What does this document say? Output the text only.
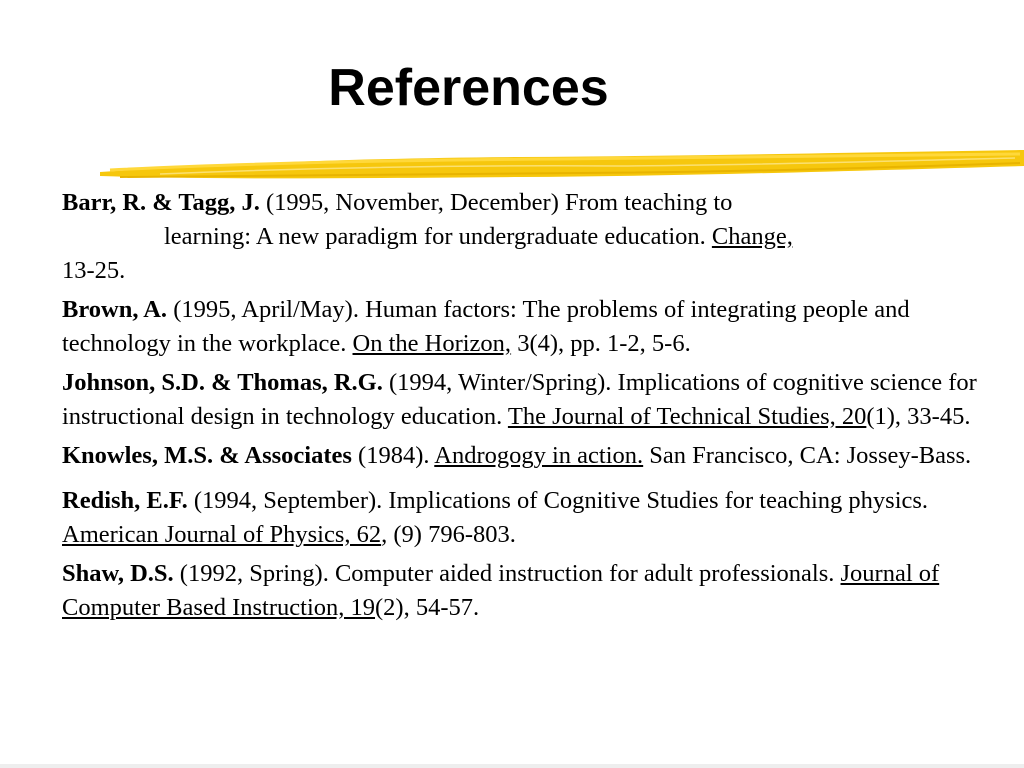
References

Barr, R. & Tagg, J. (1995, November, December) From teaching to
learning: A new paradigm for undergraduate education. Change,
13-25.

Brown, A. (1995, April/May). Human factors: The problems of integrating people and technology in the workplace. On the Horizon, 3(4), pp. 1-2, 5-6.

Johnson, S.D. & Thomas, R.G. (1994, Winter/Spring). Implications of cognitive science for instructional design in technology education. The Journal of Technical Studies, 20(1), 33-45.

Knowles, M.S. & Associates (1984). Androgogy in action. San Francisco, CA: Jossey-Bass.

Redish, E.F. (1994, September). Implications of Cognitive Studies for teaching physics. American Journal of Physics, 62, (9) 796-803.

Shaw, D.S. (1992, Spring). Computer aided instruction for adult professionals. Journal of Computer Based Instruction, 19(2), 54-57.
